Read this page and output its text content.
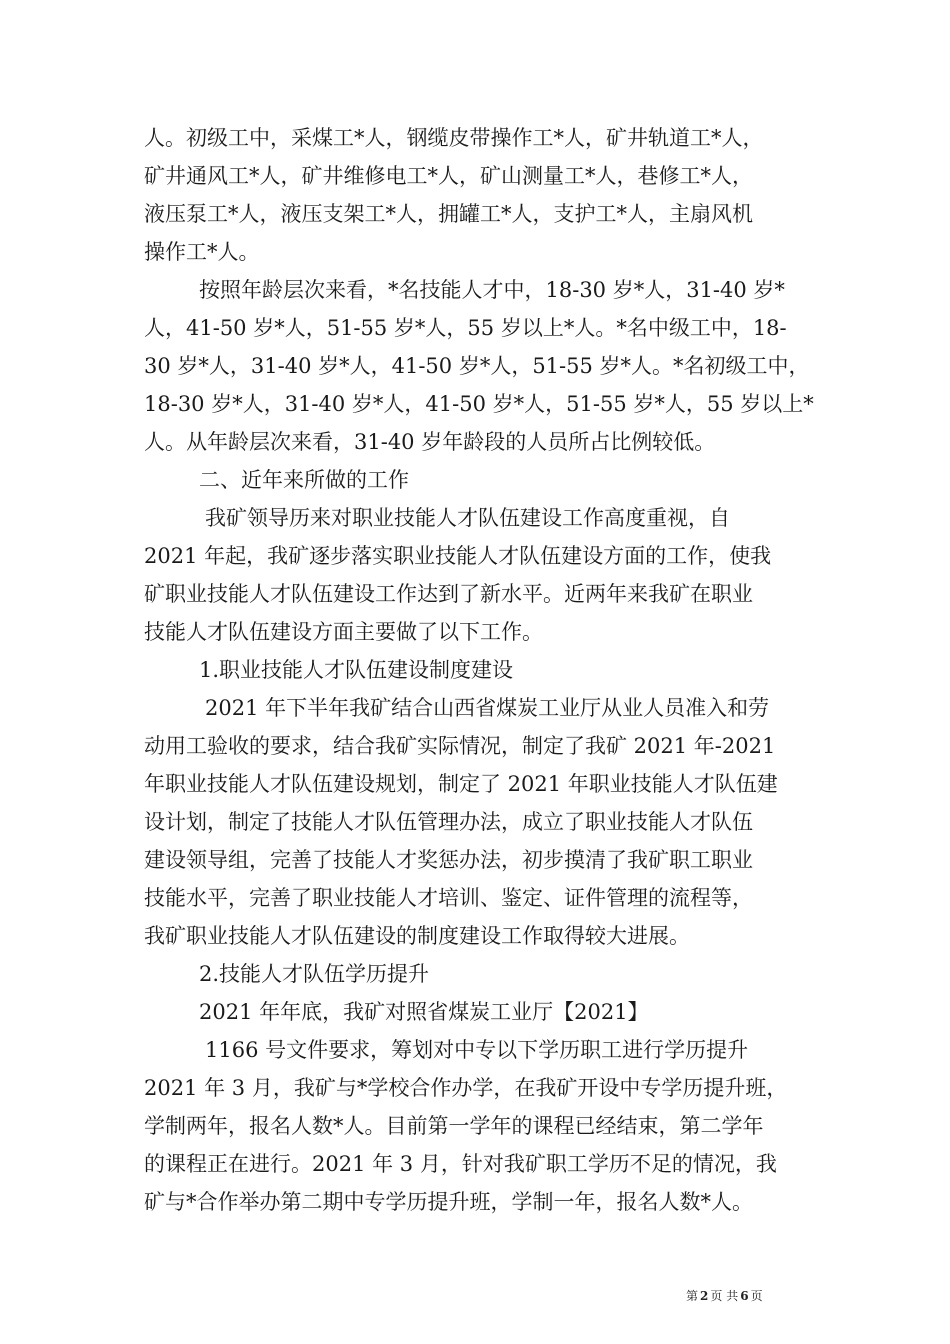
人。初级工中，采煤工*人，钢缆皮带操作工*人，矿井轨道工*人，
矿井通风工*人，矿井维修电工*人，矿山测量工*人，巷修工*人，
液压泵工*人，液压支架工*人，拥罐工*人，支护工*人，主扇风机
操作工*人。
按照年龄层次来看，*名技能人才中，18-30 岁*人，31-40 岁*
人，41-50 岁*人，51-55 岁*人，55 岁以上*人。*名中级工中，18-
30 岁*人，31-40 岁*人，41-50 岁*人，51-55 岁*人。*名初级工中，
18-30 岁*人，31-40 岁*人，41-50 岁*人，51-55 岁*人，55 岁以上*
人。从年龄层次来看，31-40 岁年龄段的人员所占比例较低。
二、近年来所做的工作
我矿领导历来对职业技能人才队伍建设工作高度重视，自
2021 年起，我矿逐步落实职业技能人才队伍建设方面的工作，使我
矿职业技能人才队伍建设工作达到了新水平。近两年来我矿在职业
技能人才队伍建设方面主要做了以下工作。
1.职业技能人才队伍建设制度建设
2021 年下半年我矿结合山西省煤炭工业厅从业人员准入和劳
动用工验收的要求，结合我矿实际情况，制定了我矿 2021 年-2021
年职业技能人才队伍建设规划，制定了 2021 年职业技能人才队伍建
设计划，制定了技能人才队伍管理办法，成立了职业技能人才队伍
建设领导组，完善了技能人才奖惩办法，初步摸清了我矿职工职业
技能水平，完善了职业技能人才培训、鉴定、证件管理的流程等，
我矿职业技能人才队伍建设的制度建设工作取得较大进展。
2.技能人才队伍学历提升
2021 年年底，我矿对照省煤炭工业厅【2021】
1166 号文件要求，筹划对中专以下学历职工进行学历提升
2021 年 3 月，我矿与*学校合作办学，在我矿开设中专学历提升班，
学制两年，报名人数*人。目前第一学年的课程已经结束，第二学年
的课程正在进行。2021 年 3 月，针对我矿职工学历不足的情况，我
矿与*合作举办第二期中专学历提升班，学制一年，报名人数*人。
第 2 页 共 6 页
